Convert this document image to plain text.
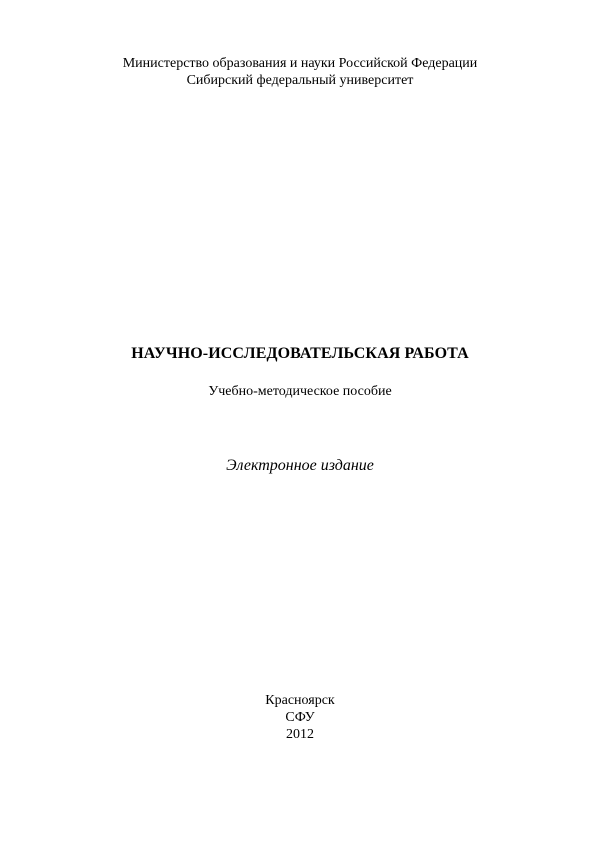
Министерство образования и науки Российской Федерации

Сибирский федеральный университет

НАУЧНО-ИССЛЕДОВАТЕЛЬСКАЯ РАБОТА

Учебно-методическое пособие

Электронное издание

Красноярск

СФУ

2012
